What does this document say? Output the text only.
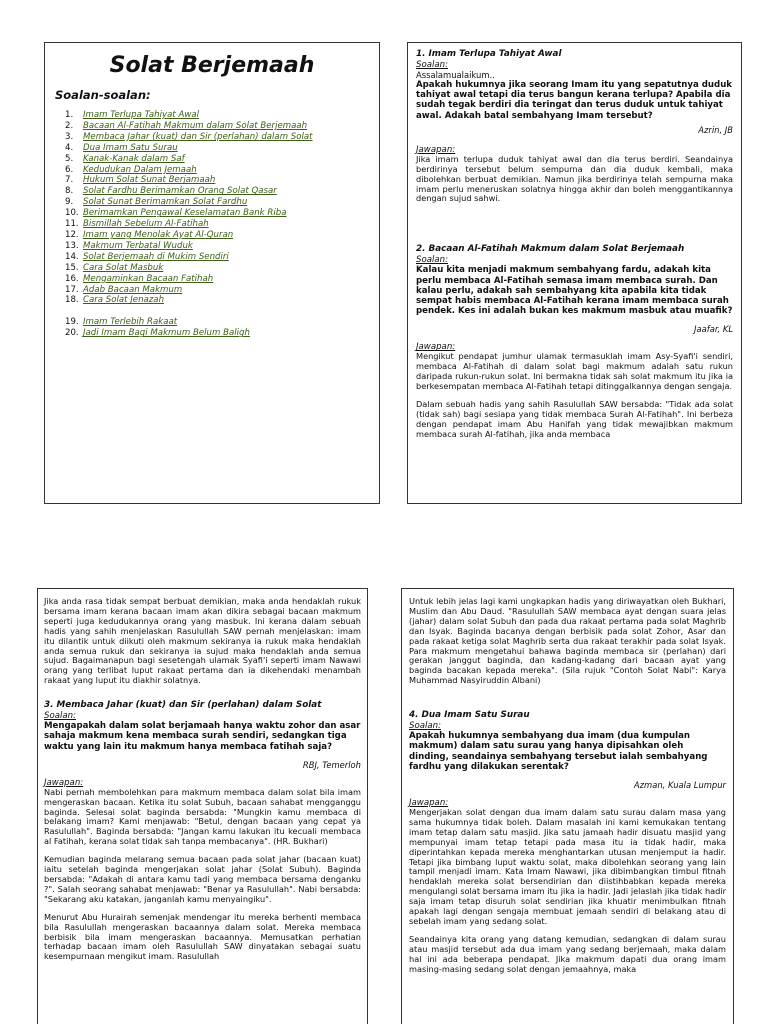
Solat Berjemaah
Soalan-soalan:
1.	Imam Terlupa Tahiyat Awal
2.	Bacaan Al-Fatihah Makmum dalam Solat Berjemaah
3.	Membaca Jahar (kuat) dan Sir (perlahan) dalam Solat
4.	Dua Imam Satu Surau
5.	Kanak-Kanak dalam Saf
6.	Kedudukan Dalam Jemaah
7.	Hukum Solat Sunat Berjamaah
8.	Solat Fardhu Berimamkan Orang Solat Qasar
9.	Solat Sunat Berimamkan Solat Fardhu
10. Berimamkan Pengawal Keselamatan Bank Riba
11. Bismillah Sebelum Al-Fatihah
12. Imam yang Menolak Ayat Al-Quran
13. Makmum Terbatal Wuduk
14. Solat Berjemaah di Mukim Sendiri
15. Cara Solat Masbuk
16. Mengaminkan Bacaan Fatihah
17. Adab Bacaan Makmum
18. Cara Solat Jenazah
19. Imam Terlebih Rakaat
20. Jadi Imam Bagi Makmum Belum Baligh
1. Imam Terlupa Tahiyat Awal
Soalan:
Assalamualaikum..
Apakah hukumnya jika seorang Imam itu yang sepatutnya duduk tahiyat awal tetapi dia terus bangun kerana terlupa? Apabila dia sudah tegak berdiri dia teringat dan terus duduk untuk tahiyat awal. Adakah batal sembahyang Imam tersebut?
Azrin, JB
Jawapan:
Jika imam terlupa duduk tahiyat awal dan dia terus berdiri. Seandainya berdirinya tersebut belum sempurna dan dia duduk kembali, maka dibolehkan berbuat demikian. Namun jika berdirinya telah sempurna maka imam perlu meneruskan solatnya hingga akhir dan boleh menggantikannya dengan sujud sahwi.
2. Bacaan Al-Fatihah Makmum dalam Solat Berjemaah
Soalan:
Kalau kita menjadi makmum sembahyang fardu, adakah kita perlu membaca Al-Fatihah semasa imam membaca surah. Dan kalau perlu, adakah sah sembahyang kita apabila kita tidak sempat habis membaca Al-Fatihah kerana imam membaca surah pendek. Kes ini adalah bukan kes makmum masbuk atau muafik?
Jaafar, KL
Jawapan:
Mengikut pendapat jumhur ulamak termasuklah imam Asy-Syafi'i sendiri, membaca Al-Fatihah di dalam solat bagi makmum adalah satu rukun daripada rukun-rukun solat. Ini bermakna tidak sah solat makmum itu jika ia berkesempatan membaca Al-Fatihah tetapi ditinggalkannya dengan sengaja.
Dalam sebuah hadis yang sahih Rasulullah SAW bersabda: "Tidak ada solat (tidak sah) bagi sesiapa yang tidak membaca Surah Al-Fatihah". Ini berbeza dengan pendapat imam Abu Hanifah yang tidak mewajibkan makmum membaca surah Al-fatihah, jika anda membaca
Jika anda rasa tidak sempat berbuat demikian, maka anda hendaklah rukuk bersama imam kerana bacaan imam akan dikira sebagai bacaan makmum seperti juga kedudukannya orang yang masbuk. Ini kerana dalam sebuah hadis yang sahih menjelaskan Rasulullah SAW pernah menjelaskan: imam itu dilantik untuk diikuti oleh makmum sekiranya ia rukuk maka hendaklah anda semua rukuk dan sekiranya ia sujud maka hendaklah anda semua sujud. Bagaimanapun bagi sesetengah ulamak Syafi'i seperti imam Nawawi orang yang terlibat luput rakaat pertama dan ia dikehendaki menambah rakaat yang luput itu diakhir solatnya.
3. Membaca Jahar (kuat) dan Sir (perlahan) dalam Solat
Soalan:
Mengapakah dalam solat berjamaah hanya waktu zohor dan asar sahaja makmum kena membaca surah sendiri, sedangkan tiga waktu yang lain itu makmum hanya membaca fatihah saja?
RBJ, Temerloh
Jawapan:
Nabi pernah membolehkan para makmum membaca dalam solat bila imam mengeraskan bacaan. Ketika itu solat Subuh, bacaan sahabat mengganggu baginda. Selesai solat baginda bersabda: "Mungkin kamu membaca di belakang imam? Kami menjawab: "Betul, dengan bacaan yang cepat ya Rasulullah". Baginda bersabda: "Jangan kamu lakukan itu kecuali membaca al Fatihah, kerana solat tidak sah tanpa membacanya". (HR. Bukhari)
Kemudian baginda melarang semua bacaan pada solat jahar (bacaan kuat) iaitu setelah baginda mengerjakan solat jahar (Solat Subuh). Baginda bersabda: "Adakah di antara kamu tadi yang membaca bersama denganku ?". Salah seorang sahabat menjawab: "Benar ya Rasulullah". Nabi bersabda: "Sekarang aku katakan, janganlah kamu menyaingiku".
Menurut Abu Hurairah semenjak mendengar itu mereka berhenti membaca bila Rasulullah mengeraskan bacaannya dalam solat. Mereka membaca berbisik bila imam mengeraskan bacaannya. Memusatkan perhatian terhadap bacaan imam oleh Rasulullah SAW dinyatakan sebagai suatu kesempurnaan mengikut imam. Rasulullah
Untuk lebih jelas lagi kami ungkapkan hadis yang diriwayatkan oleh Bukhari, Muslim dan Abu Daud. "Rasulullah SAW membaca ayat dengan suara jelas (jahar) dalam solat Subuh dan pada dua rakaat pertama pada solat Maghrib dan Isyak. Baginda bacanya dengan berbisik pada solat Zohor, Asar dan pada rakaat ketiga solat Maghrib serta dua rakaat terakhir pada solat Isyak. Para makmum mengetahui bahawa baginda membaca sir (perlahan) dari gerakan janggut baginda, dan kadang-kadang dari bacaan ayat yang baginda bacakan kepada mereka". (Sila rujuk "Contoh Solat Nabi": Karya Muhammad Nasyiruddin Albani)
4. Dua Imam Satu Surau
Soalan:
Apakah hukumnya sembahyang dua imam (dua kumpulan makmum) dalam satu surau yang hanya dipisahkan oleh dinding, seandainya sembahyang tersebut ialah sembahyang fardhu yang dilakukan serentak?
Azman, Kuala Lumpur
Jawapan:
Mengerjakan solat dengan dua imam dalam satu surau dalam masa yang sama hukumnya tidak boleh. Dalam masalah ini kami kemukakan tentang imam tetap dalam satu masjid. Jika satu jamaah hadir disuatu masjid yang mempunyai imam tetap tetapi pada masa itu ia tidak hadir, maka diperintahkan kepada mereka menghantarkan utusan menjemput ia hadir. Tetapi jika bimbang luput waktu solat, maka dibolehkan seorang yang lain tampil menjadi imam. Kata Imam Nawawi, jika dibimbangkan timbul fitnah hendaklah mereka solat bersendirian dan diistihbabkan kepada mereka mengulangi solat bersama imam itu jika ia hadir. Jadi jelaslah jika tidak hadir saja imam tetap disuruh solat sendirian jika khuatir menimbulkan fitnah apakah lagi dengan sengaja membuat jemaah sendiri di belakang atau di sebelah imam yang sedang solat.
Seandainya kita orang yang datang kemudian, sedangkan di dalam surau atau masjid tersebut ada dua imam yang sedang berjemaah, maka dalam hal ini ada beberapa pendapat. Jika makmum dapati dua orang imam masing-masing sedang solat dengan jemaahnya, maka
